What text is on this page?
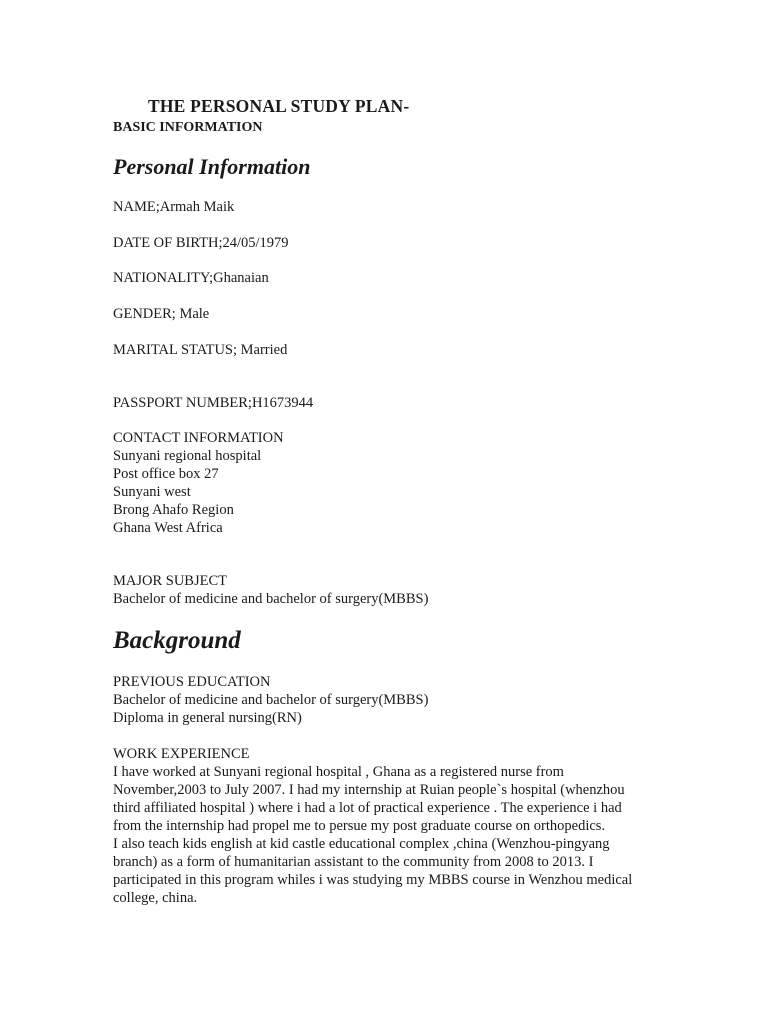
THE PERSONAL STUDY PLAN-
BASIC INFORMATION
Personal Information

NAME;Armah Maik

DATE OF BIRTH;24/05/1979

NATIONALITY;Ghanaian

GENDER; Male

MARITAL STATUS; Married

PASSPORT NUMBER;H1673944

CONTACT INFORMATION

Sunyani regional hospital
Post office box 27
Sunyani west
Brong Ahafo Region
Ghana West Africa

MAJOR SUBJECT

Bachelor of medicine and bachelor of surgery(MBBS)

Background

PREVIOUS EDUCATION

Bachelor of medicine and bachelor of surgery(MBBS)
Diploma in general nursing(RN)

WORK EXPERIENCE

I have worked at Sunyani regional hospital , Ghana as a registered nurse from
November,2003 to July 2007. I had my internship at Ruian people`s hospital (whenzhou
third affiliated hospital ) where i had a lot of practical experience . The experience i had
from the internship had propel me to persue my post graduate course on orthopedics.
I also teach kids english at kid castle educational complex ,china (Wenzhou-pingyang
branch) as a form of humanitarian assistant to the community from 2008 to 2013. I
participated in this program whiles i was studying my MBBS course in Wenzhou medical
college, china.
